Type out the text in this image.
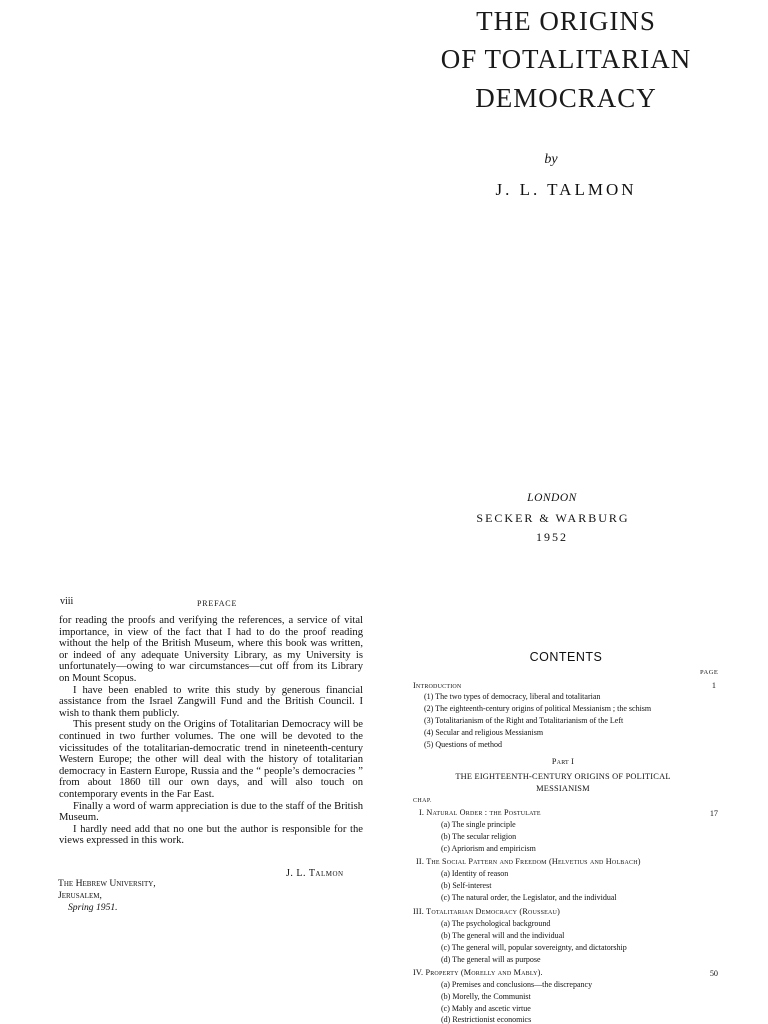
THE ORIGINS
OF TOTALITARIAN
DEMOCRACY
by
J. L. TALMON
LONDON
SECKER & WARBURG
1952
viii	PREFACE

for reading the proofs and verifying the references, a service of vital importance, in view of the fact that I had to do the proof reading without the help of the British Museum, where this book was written, or indeed of any adequate University Library, as my University is unfortunately—owing to war circumstances—cut off from its Library on Mount Scopus.

I have been enabled to write this study by generous financial assistance from the Israel Zangwill Fund and the British Council. I wish to thank them publicly.

This present study on the Origins of Totalitarian Democracy will be continued in two further volumes. The one will be devoted to the vicissitudes of the totalitarian-democratic trend in nineteenth-century Western Europe; the other will deal with the history of totalitarian democracy in Eastern Europe, Russia and the “ people’s democracies ” from about 1860 till our own days, and will also touch on contemporary events in the Far East.

Finally a word of warm appreciation is due to the staff of the British Museum.

I hardly need add that no one but the author is responsible for the views expressed in this work.

J. L. Talmon
The Hebrew University,
Jerusalem,
Spring 1951.
CONTENTS
PAGE
Introduction	1
(1) The two types of democracy, liberal and totalitarian
(2) The eighteenth-century origins of political Messianism ; the schism
(3) Totalitarianism of the Right and Totalitarianism of the Left
(4) Secular and religious Messianism
(5) Questions of method
Part I
THE EIGHTEENTH-CENTURY ORIGINS OF POLITICAL
MESSIANISM
CHAP.
I. Natural Order : the Postulate	17
(a) The single principle
(b) The secular religion
(c) Apriorism and empiricism
II. The Social Pattern and Freedom (Helvetius and Holbach)
(a) Identity of reason
(b) Self-interest
(c) The natural order, the Legislator, and the individual
III. Totalitarian Democracy (Rousseau)
(a) The psychological background
(b) The general will and the individual
(c) The general will, popular sovereignty, and dictatorship
(d) The general will as purpose
IV. Property (Morelly and Mably).	50
(a) Premises and conclusions—the discrepancy
(b) Morelly, the Communist
(c) Mably and ascetic virtue
(d) Restrictionist economics
